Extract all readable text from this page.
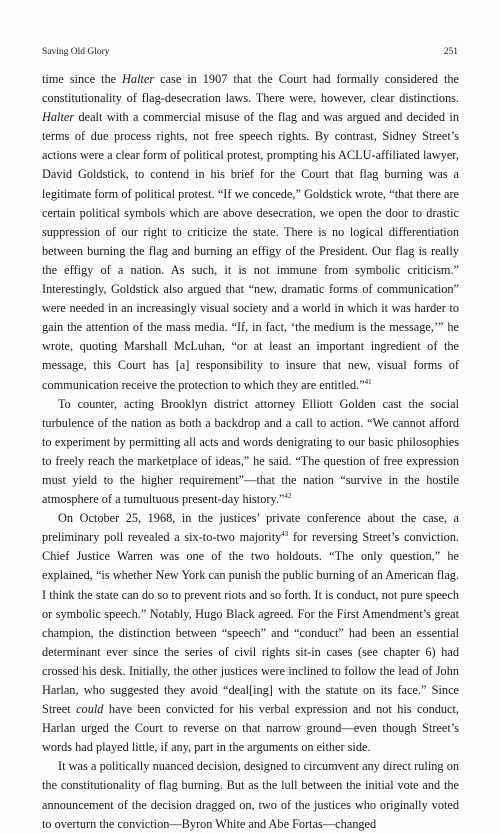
Saving Old Glory	251

time since the Halter case in 1907 that the Court had formally considered the constitutionality of flag-desecration laws. There were, however, clear distinctions. Halter dealt with a commercial misuse of the flag and was argued and decided in terms of due process rights, not free speech rights. By contrast, Sidney Street’s actions were a clear form of political protest, prompting his ACLU-affiliated lawyer, David Goldstick, to contend in his brief for the Court that flag burning was a legitimate form of political protest. “If we concede,” Goldstick wrote, “that there are certain political symbols which are above desecration, we open the door to drastic suppression of our right to criticize the state. There is no logical differentiation between burning the flag and burning an effigy of the President. Our flag is really the effigy of a nation. As such, it is not immune from symbolic criticism.” Interestingly, Goldstick also argued that “new, dramatic forms of communication” were needed in an increasingly visual society and a world in which it was harder to gain the attention of the mass media. “If, in fact, ‘the medium is the message,’” he wrote, quoting Marshall McLuhan, “or at least an important ingredient of the message, this Court has [a] responsibility to insure that new, visual forms of communication receive the protection to which they are entitled.”$^{41}$

To counter, acting Brooklyn district attorney Elliott Golden cast the social turbulence of the nation as both a backdrop and a call to action. “We cannot afford to experiment by permitting all acts and words denigrating to our basic philosophies to freely reach the marketplace of ideas,” he said. “The question of free expression must yield to the higher requirement”—that the nation “survive in the hostile atmosphere of a tumultuous present-day history.”$^{42}$

On October 25, 1968, in the justices’ private conference about the case, a preliminary poll revealed a six-to-two majority$^{43}$ for reversing Street’s conviction. Chief Justice Warren was one of the two holdouts. “The only question,” he explained, “is whether New York can punish the public burning of an American flag. I think the state can do so to prevent riots and so forth. It is conduct, not pure speech or symbolic speech.” Notably, Hugo Black agreed. For the First Amendment’s great champion, the distinction between “speech” and “conduct” had been an essential determinant ever since the series of civil rights sit-in cases (see chapter 6) had crossed his desk. Initially, the other justices were inclined to follow the lead of John Harlan, who suggested they avoid “deal[ing] with the statute on its face.” Since Street could have been convicted for his verbal expression and not his conduct, Harlan urged the Court to reverse on that narrow ground—even though Street’s words had played little, if any, part in the arguments on either side.

It was a politically nuanced decision, designed to circumvent any direct ruling on the constitutionality of flag burning. But as the lull between the initial vote and the announcement of the decision dragged on, two of the justices who originally voted to overturn the conviction—Byron White and Abe Fortas—changed
